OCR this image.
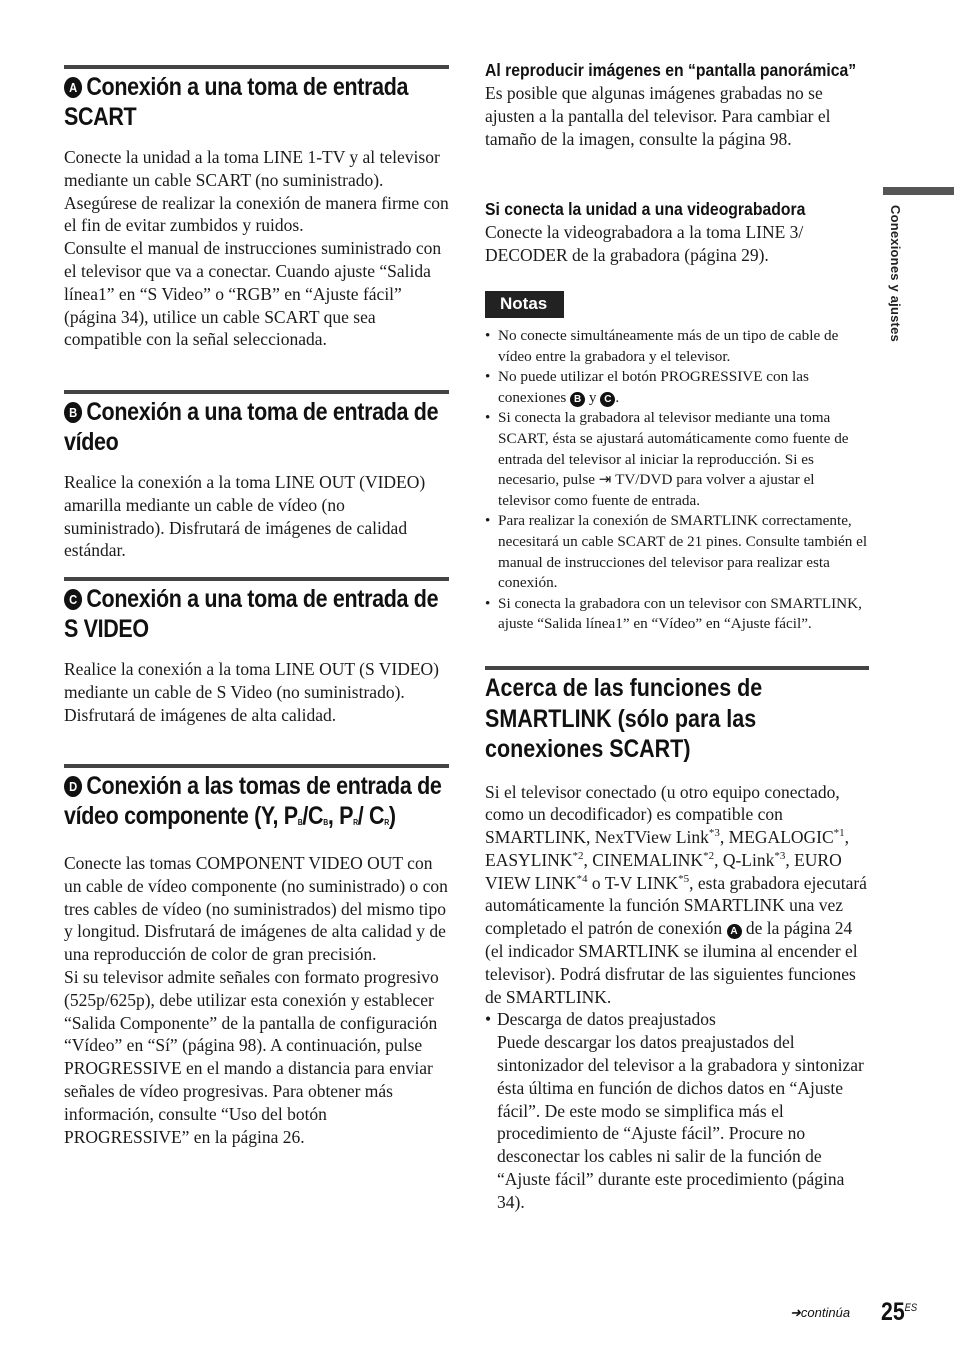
A Conexión a una toma de entrada SCART

Conecte la unidad a la toma LINE 1-TV y al televisor mediante un cable SCART (no suministrado). Asegúrese de realizar la conexión de manera firme con el fin de evitar zumbidos y ruidos.

Consulte el manual de instrucciones suministrado con el televisor que va a conectar. Cuando ajuste “Salida línea1” en “S Video” o “RGB” en “Ajuste fácil” (página 34), utilice un cable SCART que sea compatible con la señal seleccionada.

B Conexión a una toma de entrada de vídeo

Realice la conexión a la toma LINE OUT (VIDEO) amarilla mediante un cable de vídeo (no suministrado). Disfrutará de imágenes de calidad estándar.

C Conexión a una toma de entrada de S VIDEO

Realice la conexión a la toma LINE OUT (S VIDEO) mediante un cable de S Video (no suministrado). Disfrutará de imágenes de alta calidad.

D Conexión a las tomas de entrada de vídeo componente (Y, PB/CB, PR/ CR)

Conecte las tomas COMPONENT VIDEO OUT con un cable de vídeo componente (no suministrado) o con tres cables de vídeo (no suministrados) del mismo tipo y longitud. Disfrutará de imágenes de alta calidad y de una reproducción de color de gran precisión.

Si su televisor admite señales con formato progresivo (525p/625p), debe utilizar esta conexión y establecer “Salida Componente” de la pantalla de configuración “Vídeo” en “Sí” (página 98). A continuación, pulse PROGRESSIVE en el mando a distancia para enviar señales de vídeo progresivas. Para obtener más información, consulte “Uso del botón PROGRESSIVE” en la página 26.

Al reproducir imágenes en “pantalla panorámica”
Es posible que algunas imágenes grabadas no se ajusten a la pantalla del televisor. Para cambiar el tamaño de la imagen, consulte la página 98.
Si conecta la unidad a una videograbadora
Conecte la videograbadora a la toma LINE 3/ DECODER de la grabadora (página 29).
Notas
• No conecte simultáneamente más de un tipo de cable de vídeo entre la grabadora y el televisor.
• No puede utilizar el botón PROGRESSIVE con las conexiones B y C .
• Si conecta la grabadora al televisor mediante una toma SCART, ésta se ajustará automáticamente como fuente de entrada del televisor al iniciar la reproducción. Si es necesario, pulse ⇥ TV/DVD para volver a ajustar el televisor como fuente de entrada.
• Para realizar la conexión de SMARTLINK correctamente, necesitará un cable SCART de 21 pines. Consulte también el manual de instrucciones del televisor para realizar esta conexión.
• Si conecta la grabadora con un televisor con SMARTLINK, ajuste “Salida línea1” en “Vídeo” en “Ajuste fácil”.
Acerca de las funciones de SMARTLINK (sólo para las conexiones SCART)

Si el televisor conectado (u otro equipo conectado, como un decodificador) es compatible con SMARTLINK, NexTView Link$^{*3}$, MEGALOGIC$^{*1}$, EASYLINK$^{*2}$, CINEMALINK$^{*2}$, Q-Link$^{*3}$, EURO VIEW LINK$^{*4}$ o T-V LINK$^{*5}$, esta grabadora ejecutará automáticamente la función SMARTLINK una vez completado el patrón de conexión A de la página 24 (el indicador SMARTLINK se ilumina al encender el televisor). Podrá disfrutar de las siguientes funciones de SMARTLINK.

• Descarga de datos preajustados
Puede descargar los datos preajustados del sintonizador del televisor a la grabadora y sintonizar ésta última en función de dichos datos en “Ajuste fácil”. De este modo se simplifica más el procedimiento de “Ajuste fácil”. Procure no desconectar los cables ni salir de la función de “Ajuste fácil” durante este procedimiento (página 34).
Conexiones y ajustes
➜continúa $25^{ES}$
